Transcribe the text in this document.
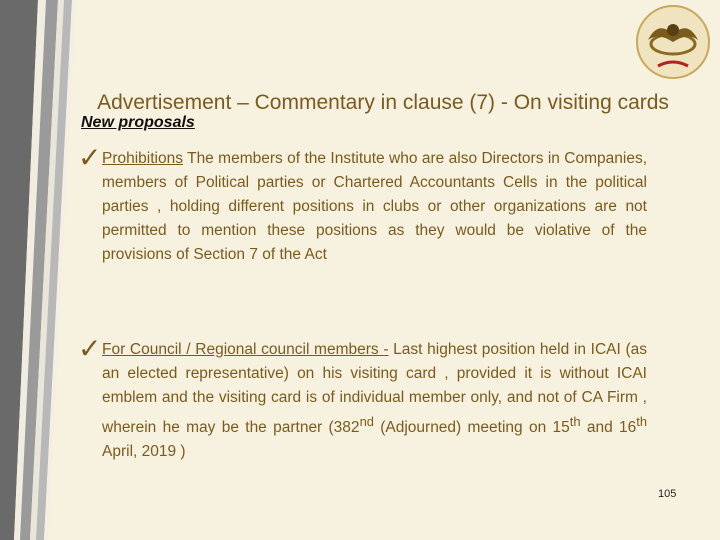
Advertisement – Commentary in clause (7) - On visiting cards
New proposals
✓ Prohibitions The members of the Institute who are also Directors in Companies, members of Political parties or Chartered Accountants Cells in the political parties , holding different positions in clubs or other organizations are not permitted to mention these positions as they would be violative of the provisions of Section 7 of the Act
✓ For Council / Regional council members - Last highest position held in ICAI (as an elected representative) on his visiting card , provided it is without ICAI emblem and the visiting card is of individual member only, and not of CA Firm , wherein he may be the partner (382nd (Adjourned) meeting on 15th and 16th April, 2019 )
105
